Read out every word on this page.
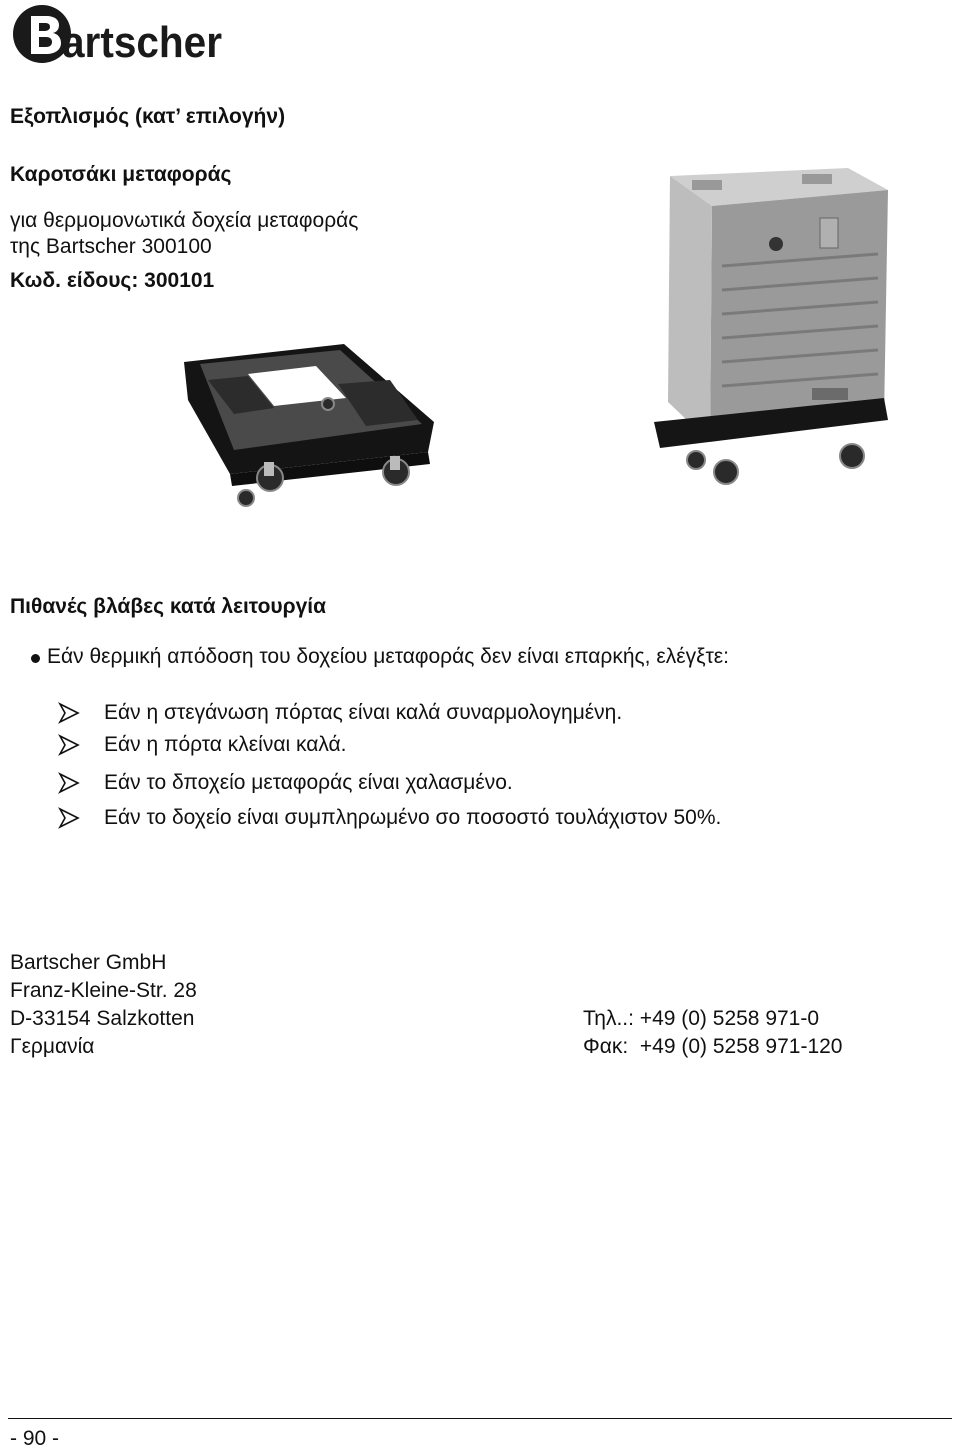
artscher
Εξοπλισμός (κατ’ επιλογήν)
Καροτσάκι μεταφοράς
για θερμομονωτικά δοχεία μεταφοράς
της Bartscher 300100
Κωδ. είδους: 300101
Πιθανές βλάβες κατά λειτουργία
Εάν θερμική απόδοση του δοχείου μεταφοράς δεν είναι επαρκής, ελέγξτε:
Εάν η στεγάνωση πόρτας είναι καλά συναρμολογημένη.
Εάν η πόρτα κλείναι καλά.
Εάν το δποχείο μεταφοράς είναι χαλασμένο.
Εάν το δοχείο είναι συμπληρωμένο σο ποσοστό τουλάχιστον 50%.
Bartscher GmbH
Franz-Kleine-Str. 28
D-33154 Salzkotten
Γερμανία
Τηλ..: +49 (0) 5258 971-0
Φακ:  +49 (0) 5258 971-120
- 90 -
